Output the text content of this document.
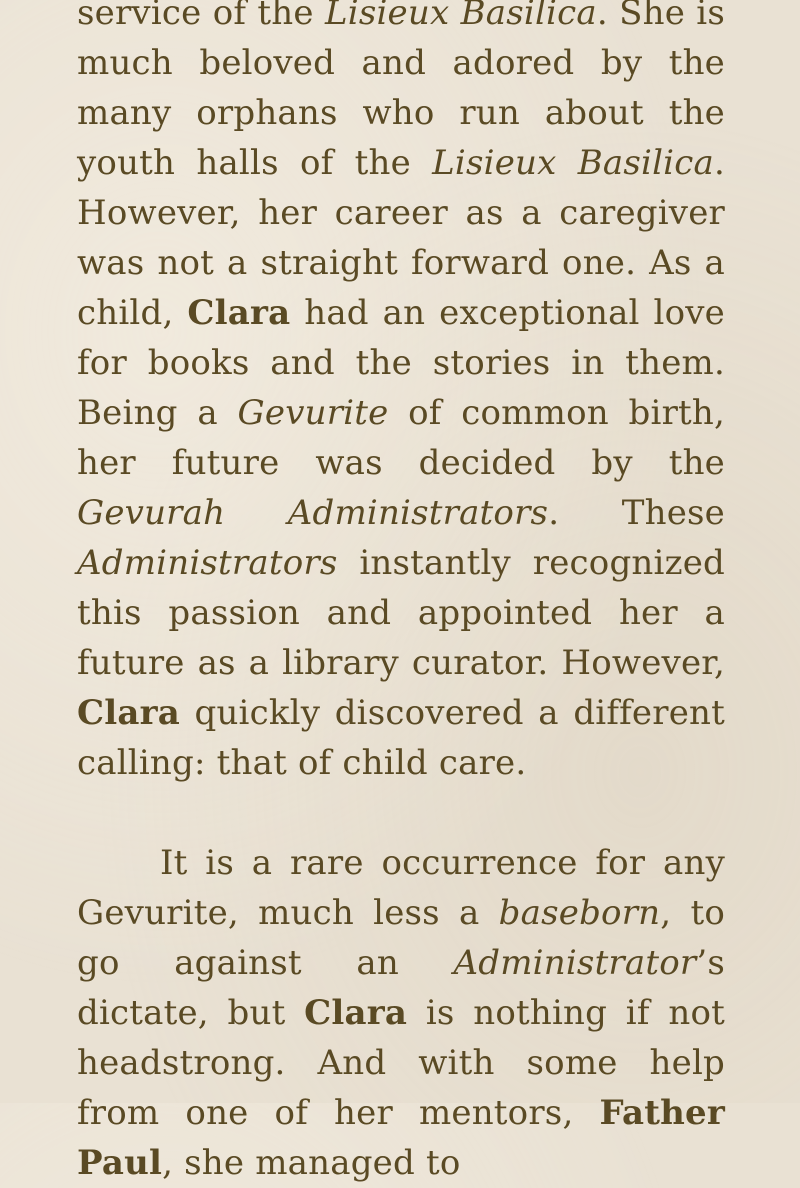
service of the Lisieux Basilica. She is much beloved and adored by the many orphans who run about the youth halls of the Lisieux Basilica. However, her career as a caregiver was not a straight forward one. As a child, Clara had an exceptional love for books and the stories in them. Being a Gevurite of common birth, her future was decided by the Gevurah Administrators. These Administrators instantly recognized this passion and appointed her a future as a library curator. However, Clara quickly discovered a different calling: that of child care.

It is a rare occurrence for any Gevurite, much less a baseborn, to go against an Administrator’s dictate, but Clara is nothing if not headstrong. And with some help from one of her mentors, Father Paul, she managed to
